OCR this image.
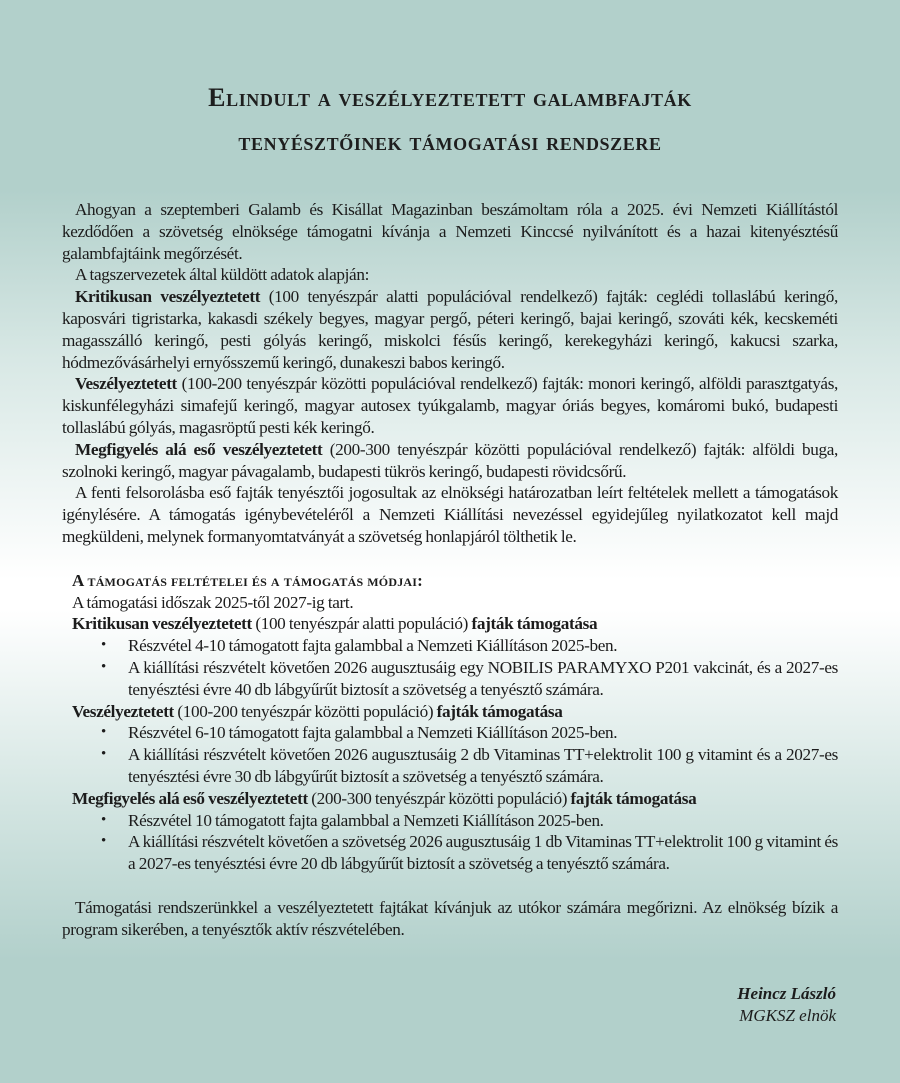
Elindult a veszélyeztetett galambfajták
tenyésztőinek támogatási rendszere

Ahogyan a szeptemberi Galamb és Kisállat Magazinban beszámoltam róla a 2025. évi Nemzeti Kiállítástól kezdődően a szövetség elnöksége támogatni kívánja a Nemzeti Kinccsé nyilvánított és a hazai kitenyésztésű galambfajtáink megőrzését.

A tagszervezetek által küldött adatok alapján:

Kritikusan veszélyeztetett (100 tenyészpár alatti populációval rendelkező) fajták: ceglédi tollaslábú keringő, kaposvári tigristarka, kakasdi székely begyes, magyar pergő, péteri keringő, bajai keringő, szováti kék, kecskeméti magasszálló keringő, pesti gólyás keringő, miskolci fésűs keringő, kerekegyházi keringő, kakucsi szarka, hódmezővásárhelyi ernyősszemű keringő, dunakeszi babos keringő.

Veszélyeztetett (100-200 tenyészpár közötti populációval rendelkező) fajták: monori keringő, alföldi parasztgatyás, kiskunfélegyházi simafejű keringő, magyar autosex tyúkgalamb, magyar óriás begyes, komáromi bukó, budapesti tollaslábú gólyás, magasröptű pesti kék keringő.

Megfigyelés alá eső veszélyeztetett (200-300 tenyészpár közötti populációval rendelkező) fajták: alföldi buga, szolnoki keringő, magyar pávagalamb, budapesti tükrös keringő, budapesti rövidcsőrű.

A fenti felsorolásba eső fajták tenyésztői jogosultak az elnökségi határozatban leírt feltételek mellett a támogatások igénylésére. A támogatás igénybevételéről a Nemzeti Kiállítási nevezéssel egyidejűleg nyilatkozatot kell majd megküldeni, melynek formanyomtatványát a szövetség honlapjáról tölthetik le.

A támogatás feltételei és a támogatás módjai:

A támogatási időszak 2025-től 2027-ig tart.

Kritikusan veszélyeztetett (100 tenyészpár alatti populáció) fajták támogatása

• Részvétel 4-10 támogatott fajta galambbal a Nemzeti Kiállításon 2025-ben.
• A kiállítási részvételt követően 2026 augusztusáig egy NOBILIS PARAMYXO P201 vakcinát, és a 2027-es tenyésztési évre 40 db lábgyűrűt biztosít a szövetség a tenyésztő számára.

Veszélyeztetett (100-200 tenyészpár közötti populáció) fajták támogatása

• Részvétel 6-10 támogatott fajta galambbal a Nemzeti Kiállításon 2025-ben.
• A kiállítási részvételt követően 2026 augusztusáig 2 db Vitaminas TT+elektrolit 100 g vitamint és a 2027-es tenyésztési évre 30 db lábgyűrűt biztosít a szövetség a tenyésztő számára.

Megfigyelés alá eső veszélyeztetett (200-300 tenyészpár közötti populáció) fajták támogatása

• Részvétel 10 támogatott fajta galambbal a Nemzeti Kiállításon 2025-ben.
• A kiállítási részvételt követően a szövetség 2026 augusztusáig 1 db Vitaminas TT+elektrolit 100 g vitamint és a 2027-es tenyésztési évre 20 db lábgyűrűt biztosít a szövetség a tenyésztő számára.

Támogatási rendszerünkkel a veszélyeztetett fajtákat kívánjuk az utókor számára megőrizni. Az elnökség bízik a program sikerében, a tenyésztők aktív részvételében.

Heincz László
MGKSZ elnök
